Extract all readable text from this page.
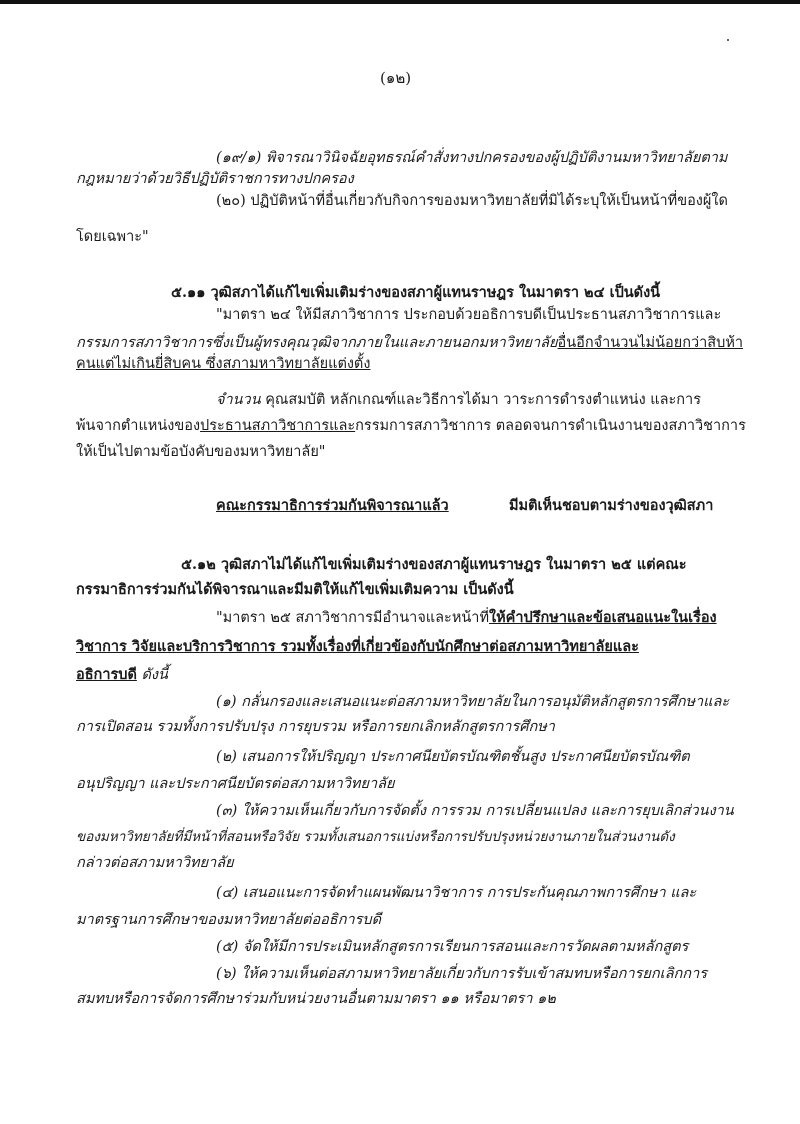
(๑๒)
(๑๙/๑) พิจารณาวินิจฉัยอุทธรณ์คำสั่งทางปกครองของผู้ปฏิบัติงานมหาวิทยาลัยตาม
กฎหมายว่าด้วยวิธีปฏิบัติราชการทางปกครอง
(๒๐) ปฏิบัติหน้าที่อื่นเกี่ยวกับกิจการของมหาวิทยาลัยที่มิได้ระบุให้เป็นหน้าที่ของผู้ใด
โดยเฉพาะ"
๕.๑๑ วุฒิสภาได้แก้ไขเพิ่มเติมร่างของสภาผู้แทนราษฎร ในมาตรา ๒๔ เป็นดังนี้
"มาตรา ๒๔ ให้มีสภาวิชาการ ประกอบด้วยอธิการบดีเป็นประธานสภาวิชาการและ
กรรมการสภาวิชาการซึ่งเป็นผู้ทรงคุณวุฒิจากภายในและภายนอกมหาวิทยาลัยอื่นอีกจำนวนไม่น้อยกว่าสิบห้า
คนแต่ไม่เกินยี่สิบคน ซึ่งสภามหาวิทยาลัยแต่งตั้ง
จำนวน คุณสมบัติ หลักเกณฑ์และวิธีการได้มา วาระการดำรงตำแหน่ง และการ
พ้นจากตำแหน่งของประธานสภาวิชาการและกรรมการสภาวิชาการ ตลอดจนการดำเนินงานของสภาวิชาการ
ให้เป็นไปตามข้อบังคับของมหาวิทยาลัย"
คณะกรรมาธิการร่วมกันพิจารณาแล้ว	มีมติเห็นชอบตามร่างของวุฒิสภา
๕.๑๒ วุฒิสภาไม่ได้แก้ไขเพิ่มเติมร่างของสภาผู้แทนราษฎร ในมาตรา ๒๕ แต่คณะ
กรรมาธิการร่วมกันได้พิจารณาและมีมติให้แก้ไขเพิ่มเติมความ เป็นดังนี้
"มาตรา ๒๕ สภาวิชาการมีอำนาจและหน้าที่ให้คำปรึกษาและข้อเสนอแนะในเรื่อง
วิชาการ วิจัยและบริการวิชาการ รวมทั้งเรื่องที่เกี่ยวข้องกับนักศึกษาต่อสภามหาวิทยาลัยและ
อธิการบดี ดังนี้
(๑) กลั่นกรองและเสนอแนะต่อสภามหาวิทยาลัยในการอนุมัติหลักสูตรการศึกษาและ
การเปิดสอน รวมทั้งการปรับปรุง การยุบรวม หรือการยกเลิกหลักสูตรการศึกษา
(๒) เสนอการให้ปริญญา ประกาศนียบัตรบัณฑิตชั้นสูง ประกาศนียบัตรบัณฑิต
อนุปริญญา และประกาศนียบัตรต่อสภามหาวิทยาลัย
(๓) ให้ความเห็นเกี่ยวกับการจัดตั้ง การรวม การเปลี่ยนแปลง และการยุบเลิกส่วนงาน
ของมหาวิทยาลัยที่มีหน้าที่สอนหรือวิจัย รวมทั้งเสนอการแบ่งหรือการปรับปรุงหน่วยงานภายในส่วนงานดัง
กล่าวต่อสภามหาวิทยาลัย
(๔) เสนอแนะการจัดทำแผนพัฒนาวิชาการ การประกันคุณภาพการศึกษา และ
มาตรฐานการศึกษาของมหาวิทยาลัยต่ออธิการบดี
(๕) จัดให้มีการประเมินหลักสูตรการเรียนการสอนและการวัดผลตามหลักสูตร
(๖) ให้ความเห็นต่อสภามหาวิทยาลัยเกี่ยวกับการรับเข้าสมทบหรือการยกเลิกการ
สมทบหรือการจัดการศึกษาร่วมกับหน่วยงานอื่นตามมาตรา ๑๑ หรือมาตรา ๑๒
